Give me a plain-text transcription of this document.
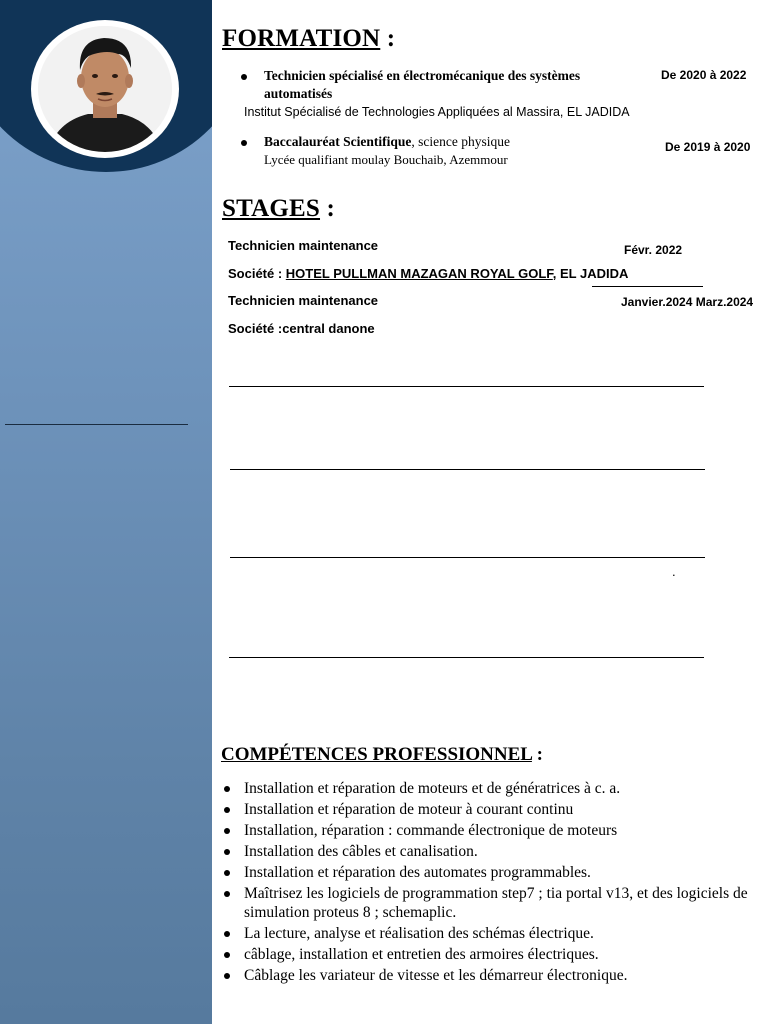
FORMATION :
Technicien spécialisé en électromécanique des systèmes
automatisés
De 2020 à 2022
Institut Spécialisé de Technologies Appliquées al Massira, EL JADIDA
Baccalauréat Scientifique, science physique	De 2019 à 2020
Lycée qualifiant moulay Bouchaib, Azemmour
STAGES :
Technicien maintenance	Févr. 2022
Société : HOTEL PULLMAN MAZAGAN ROYAL GOLF, EL JADIDA
Technicien maintenance	Janvier.2024 Marz.2024
Société :central danone
.
COMPÉTENCES PROFESSIONNEL :
Installation et réparation de moteurs et de génératrices à c. a.
Installation et réparation de moteur à courant continu
Installation, réparation : commande électronique de moteurs
Installation des câbles et canalisation.
Installation et réparation des automates programmables.
Maîtrisez les logiciels de programmation step7 ; tia portal v13, et des logiciels de simulation proteus 8 ; schemaplic.
La lecture, analyse et réalisation des schémas électrique.
câblage, installation et entretien des armoires électriques.
Câblage les variateur de vitesse et les démarreur électronique.
